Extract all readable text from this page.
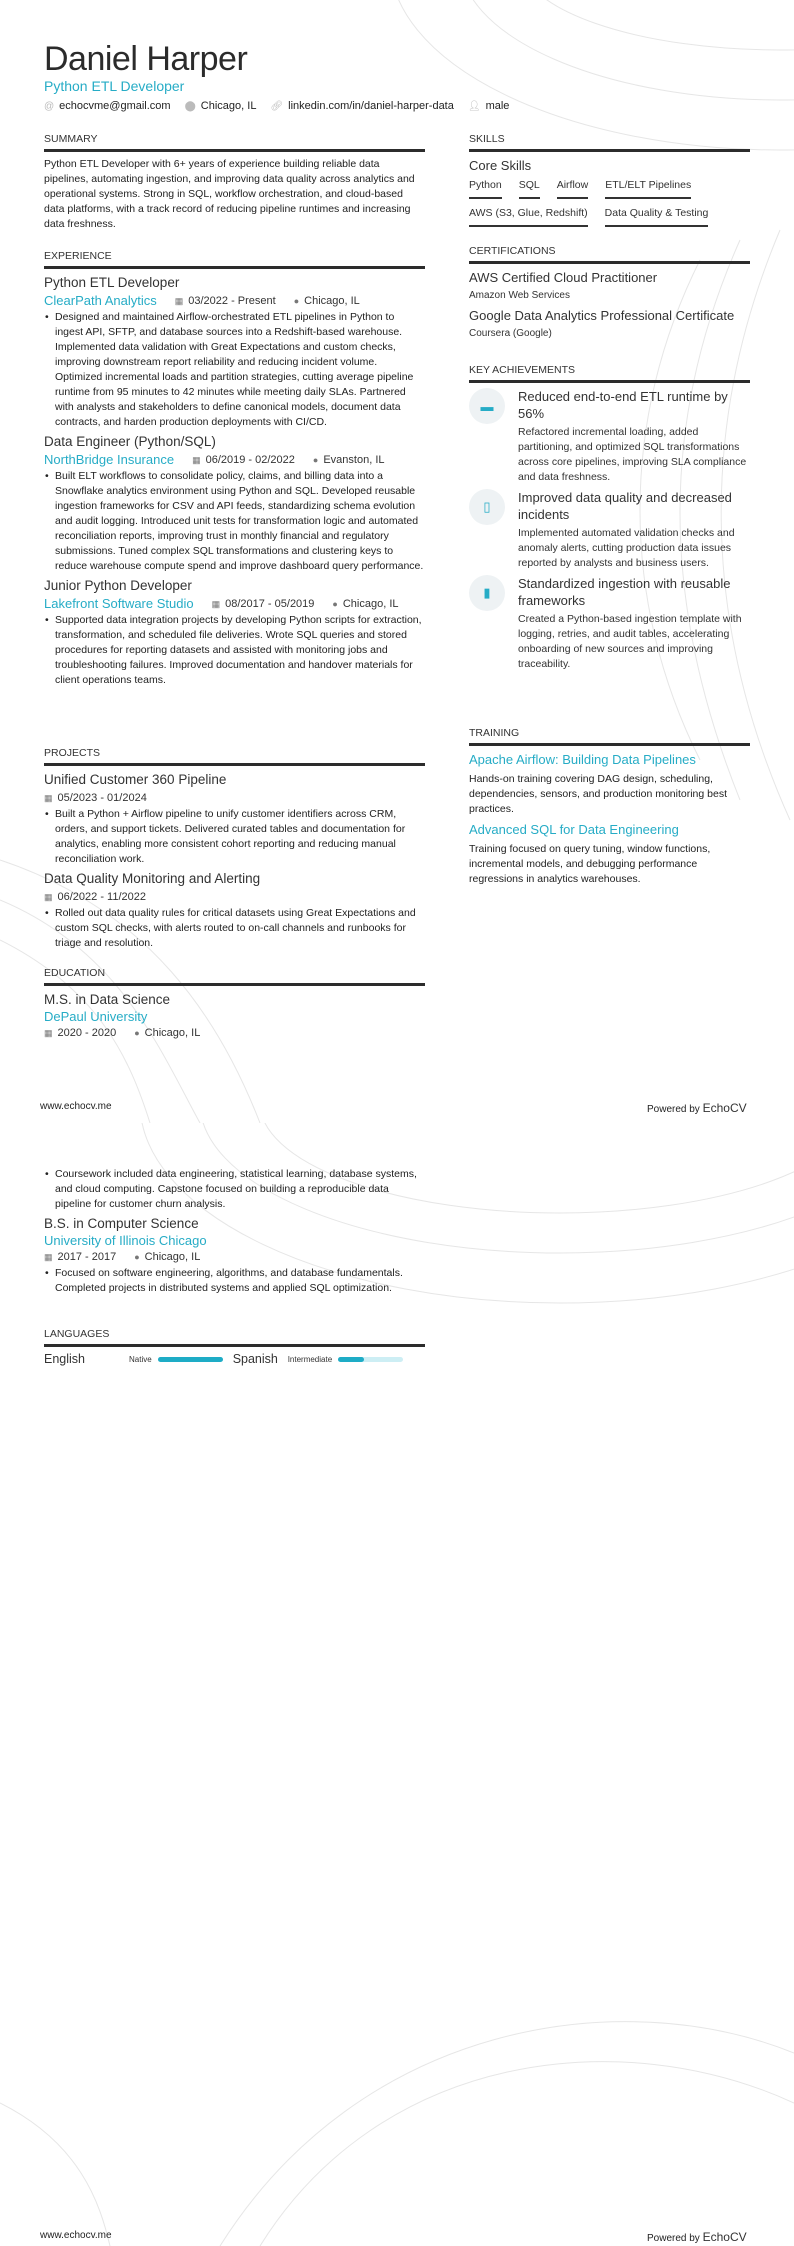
Daniel Harper
Python ETL Developer
@ echocvme@gmail.com ⬤ Chicago, IL 🔗︎ linkedin.com/in/daniel-harper-data 👤︎ male
SUMMARY

Python ETL Developer with 6+ years of experience building reliable data pipelines, automating ingestion, and improving data quality across analytics and operational systems. Strong in SQL, workflow orchestration, and cloud-based data platforms, with a track record of reducing pipeline runtimes and increasing data freshness.

EXPERIENCE
Python ETL Developer
ClearPath Analytics ▦ 03/2022 - Present ● Chicago, IL
• Designed and maintained Airflow-orchestrated ETL pipelines in Python to ingest API, SFTP, and database sources into a Redshift-based warehouse. Implemented data validation with Great Expectations and custom checks, improving downstream report reliability and reducing incident volume. Optimized incremental loads and partition strategies, cutting average pipeline runtime from 95 minutes to 42 minutes while meeting daily SLAs. Partnered with analysts and stakeholders to define canonical models, document data contracts, and harden production deployments with CI/CD.
Data Engineer (Python/SQL)
NorthBridge Insurance ▦ 06/2019 - 02/2022 ● Evanston, IL
• Built ELT workflows to consolidate policy, claims, and billing data into a Snowflake analytics environment using Python and SQL. Developed reusable ingestion frameworks for CSV and API feeds, standardizing schema evolution and audit logging. Introduced unit tests for transformation logic and automated reconciliation reports, improving trust in monthly financial and regulatory submissions. Tuned complex SQL transformations and clustering keys to reduce warehouse compute spend and improve dashboard query performance.
Junior Python Developer
Lakefront Software Studio ▦ 08/2017 - 05/2019 ● Chicago, IL
• Supported data integration projects by developing Python scripts for extraction, transformation, and scheduled file deliveries. Wrote SQL queries and stored procedures for reporting datasets and assisted with monitoring jobs and troubleshooting failures. Improved documentation and handover materials for client operations teams.
PROJECTS
Unified Customer 360 Pipeline
▦ 05/2023 - 01/2024
• Built a Python + Airflow pipeline to unify customer identifiers across CRM, orders, and support tickets. Delivered curated tables and documentation for analytics, enabling more consistent cohort reporting and reducing manual reconciliation work.
Data Quality Monitoring and Alerting
▦ 06/2022 - 11/2022
• Rolled out data quality rules for critical datasets using Great Expectations and custom SQL checks, with alerts routed to on-call channels and runbooks for triage and resolution.
EDUCATION
M.S. in Data Science
DePaul University
▦ 2020 - 2020 ● Chicago, IL
SKILLS
Core Skills
Python SQL Airflow ETL/ELT Pipelines
AWS (S3, Glue, Redshift) Data Quality & Testing
CERTIFICATIONS
AWS Certified Cloud Practitioner
Amazon Web Services
Google Data Analytics Professional Certificate
Coursera (Google)
KEY ACHIEVEMENTS
▬
Reduced end-to-end ETL runtime by 56%
Refactored incremental loading, added partitioning, and optimized SQL transformations across core pipelines, improving SLA compliance and data freshness.
▯
Improved data quality and decreased incidents
Implemented automated validation checks and anomaly alerts, cutting production data issues reported by analysts and business users.
▮
Standardized ingestion with reusable frameworks
Created a Python-based ingestion template with logging, retries, and audit tables, accelerating onboarding of new sources and improving traceability.
TRAINING
Apache Airflow: Building Data Pipelines
Hands-on training covering DAG design, scheduling, dependencies, sensors, and production monitoring best practices.
Advanced SQL for Data Engineering
Training focused on query tuning, window functions, incremental models, and debugging performance regressions in analytics warehouses.
www.echocv.me	Powered by EchoCV
• Coursework included data engineering, statistical learning, database systems, and cloud computing. Capstone focused on building a reproducible data pipeline for customer churn analysis.
B.S. in Computer Science
University of Illinois Chicago
▦ 2017 - 2017 ● Chicago, IL
• Focused on software engineering, algorithms, and database fundamentals. Completed projects in distributed systems and applied SQL optimization.
LANGUAGES
English	Native	Spanish	Intermediate
www.echocv.me	Powered by EchoCV
